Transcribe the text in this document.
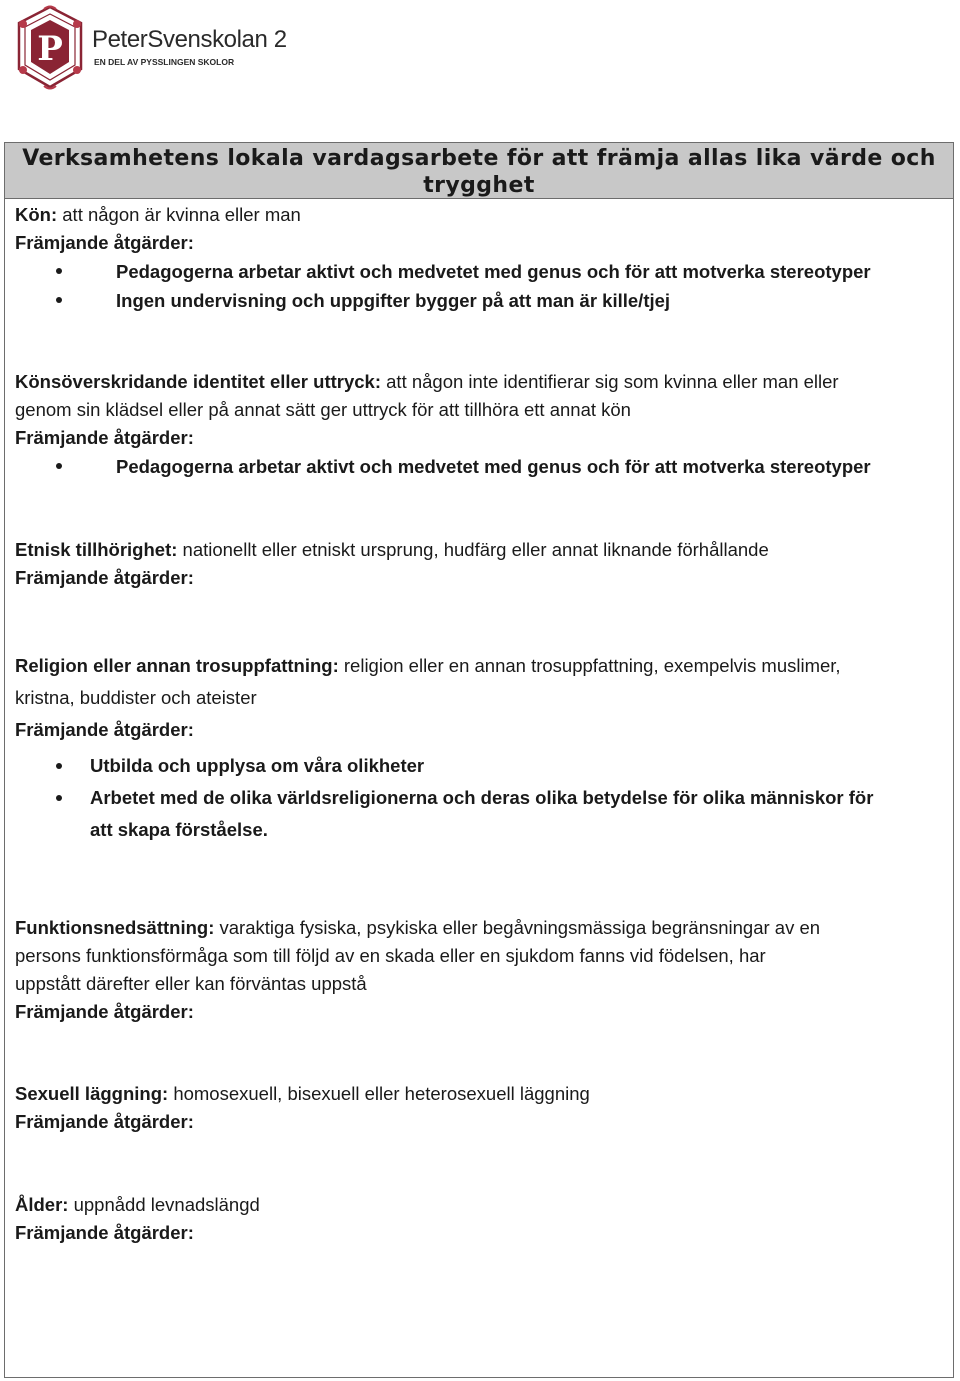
P PeterSvenskolan 2
EN DEL AV PYSSLINGEN SKOLOR
Verksamhetens lokala vardagsarbete för att främja allas lika värde och
trygghet
Kön: att någon är kvinna eller man
Främjande åtgärder:
Pedagogerna arbetar aktivt och medvetet med genus och för att motverka stereotyper
Ingen undervisning och uppgifter bygger på att man är kille/tjej
Könsöverskridande identitet eller uttryck: att någon inte identifierar sig som kvinna eller man eller
genom sin klädsel eller på annat sätt ger uttryck för att tillhöra ett annat kön
Främjande åtgärder:
Pedagogerna arbetar aktivt och medvetet med genus och för att motverka stereotyper
Etnisk tillhörighet: nationellt eller etniskt ursprung, hudfärg eller annat liknande förhållande
Främjande åtgärder:
Religion eller annan trosuppfattning: religion eller en annan trosuppfattning, exempelvis muslimer,
kristna, buddister och ateister
Främjande åtgärder:
Utbilda och upplysa om våra olikheter
Arbetet med de olika världsreligionerna och deras olika betydelse för olika människor för
att skapa förståelse.
Funktionsnedsättning: varaktiga fysiska, psykiska eller begåvningsmässiga begränsningar av en
persons funktionsförmåga som till följd av en skada eller en sjukdom fanns vid födelsen, har
uppstått därefter eller kan förväntas uppstå
Främjande åtgärder:
Sexuell läggning: homosexuell, bisexuell eller heterosexuell läggning
Främjande åtgärder:
Ålder: uppnådd levnadslängd
Främjande åtgärder:
